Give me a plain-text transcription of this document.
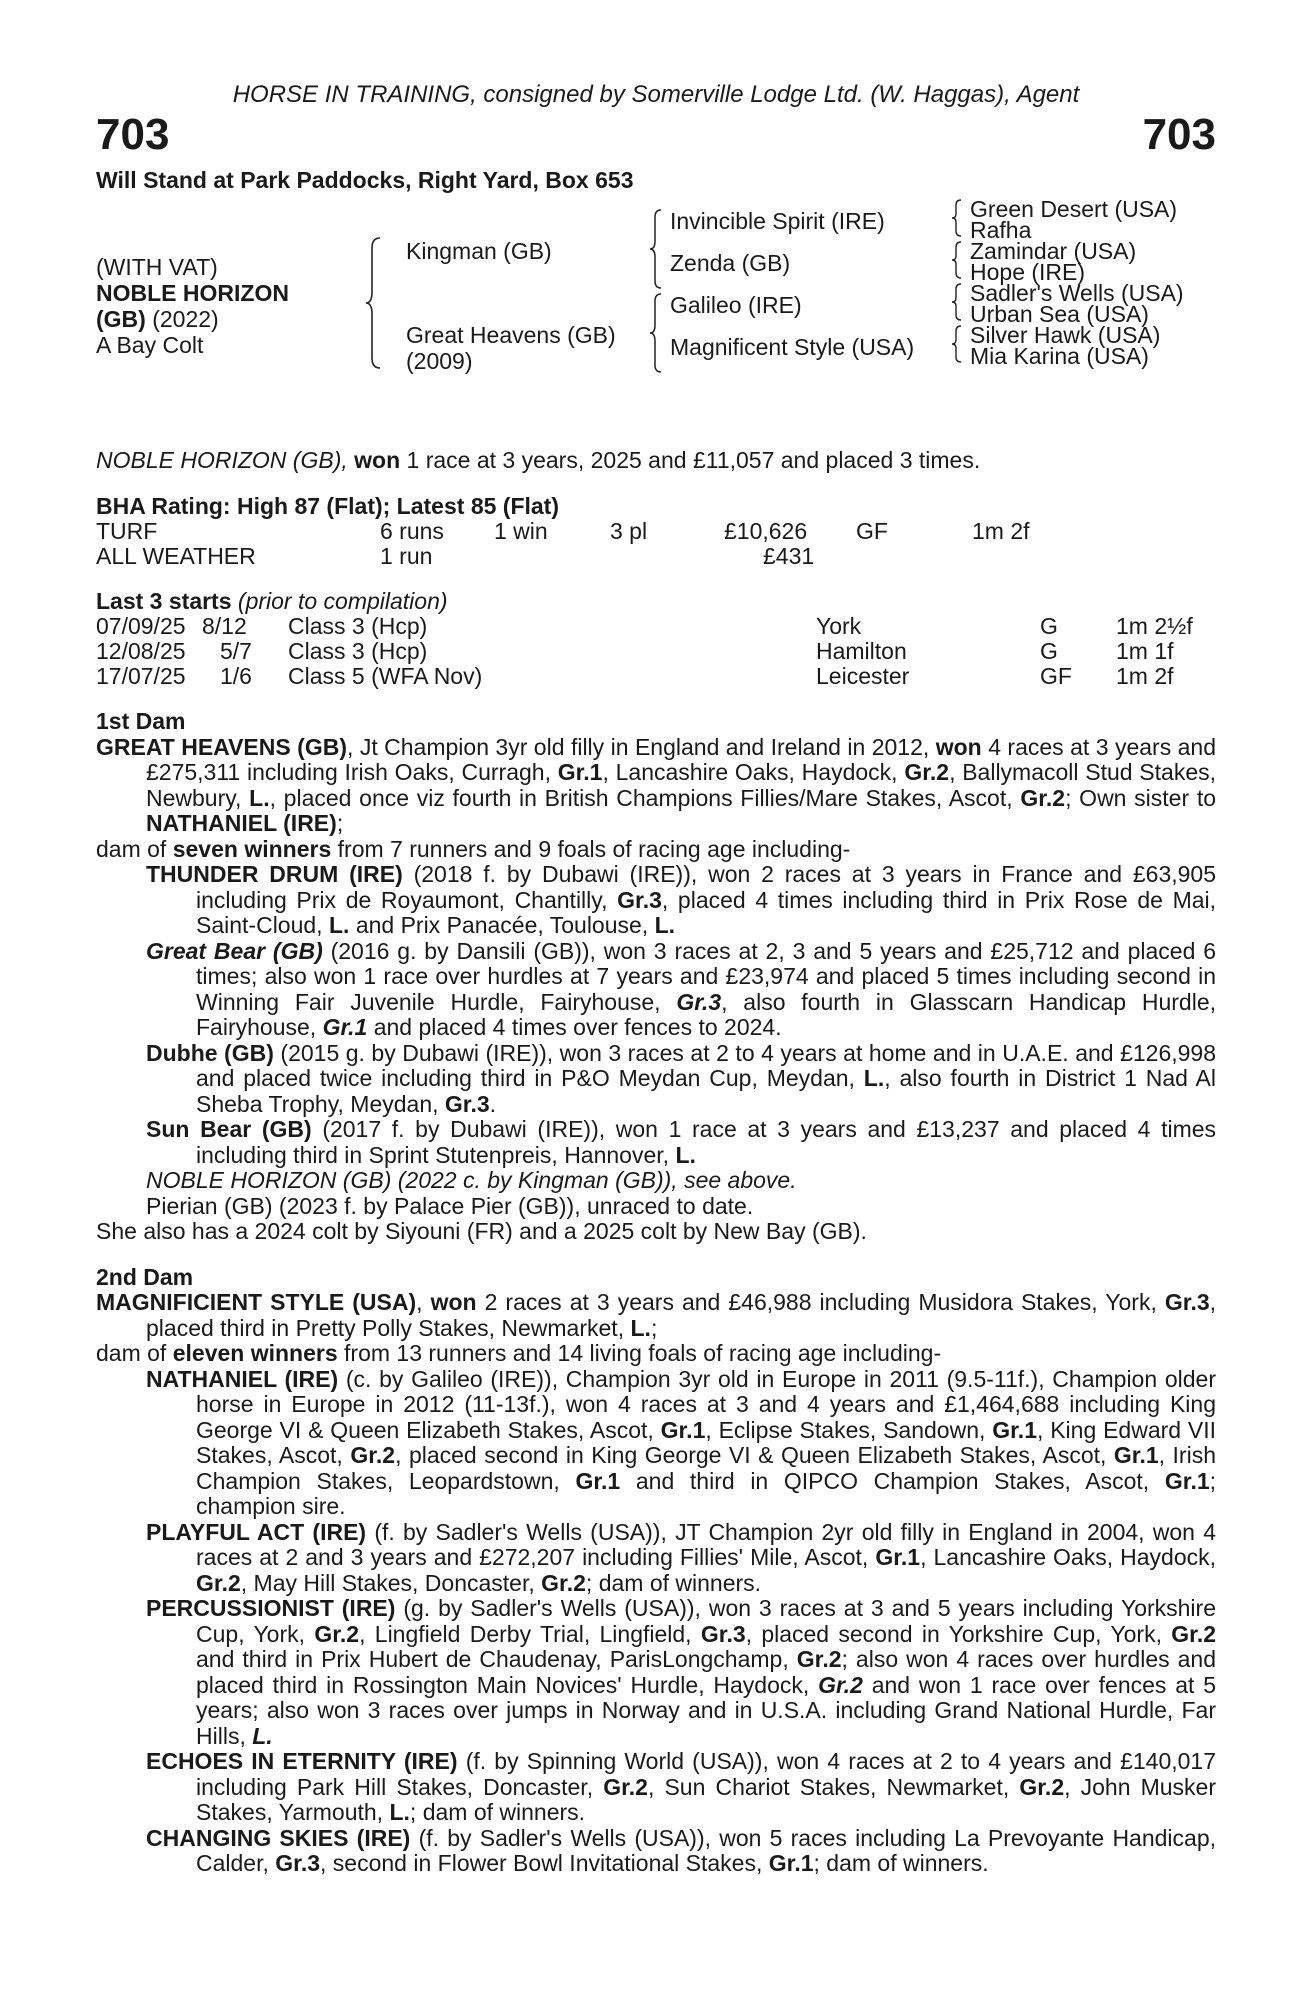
HORSE IN TRAINING, consigned by Somerville Lodge Ltd. (W. Haggas), Agent
703	703
Will Stand at Park Paddocks, Right Yard, Box 653
(WITH VAT)
NOBLE HORIZON
(GB) (2022)
A Bay Colt
Kingman (GB)
Great Heavens (GB)
(2009)
Invincible Spirit (IRE)
Zenda (GB)
Galileo (IRE)
Magnificent Style (USA)
Green Desert (USA)
Rafha
Zamindar (USA)
Hope (IRE)
Sadler's Wells (USA)
Urban Sea (USA)
Silver Hawk (USA)
Mia Karina (USA)
NOBLE HORIZON (GB), won 1 race at 3 years, 2025 and £11,057 and placed 3 times.
BHA Rating: High 87 (Flat); Latest 85 (Flat)
TURF	6 runs 1 win	3 pl	£10,626 GF	1m 2f
ALL WEATHER	1 run	£431
Last 3 starts (prior to compilation)
07/09/25 8/12 Class 3 (Hcp)	York	G	1m 2½f
12/08/25 5/7 Class 3 (Hcp)	Hamilton	G	1m 1f
17/07/25 1/6 Class 5 (WFA Nov)	Leicester	GF 1m 2f

1st Dam

GREAT HEAVENS (GB), Jt Champion 3yr old filly in England and Ireland in 2012, won 4 races at 3 years and £275,311 including Irish Oaks, Curragh, Gr.1, Lancashire Oaks, Haydock, Gr.2, Ballymacoll Stud Stakes, Newbury, L., placed once viz fourth in British Champions Fillies/Mare Stakes, Ascot, Gr.2; Own sister to NATHANIEL (IRE);

dam of seven winners from 7 runners and 9 foals of racing age including-

THUNDER DRUM (IRE) (2018 f. by Dubawi (IRE)), won 2 races at 3 years in France and £63,905 including Prix de Royaumont, Chantilly, Gr.3, placed 4 times including third in Prix Rose de Mai, Saint-Cloud, L. and Prix Panacée, Toulouse, L.

Great Bear (GB) (2016 g. by Dansili (GB)), won 3 races at 2, 3 and 5 years and £25,712 and placed 6 times; also won 1 race over hurdles at 7 years and £23,974 and placed 5 times including second in Winning Fair Juvenile Hurdle, Fairyhouse, Gr.3, also fourth in Glasscarn Handicap Hurdle, Fairyhouse, Gr.1 and placed 4 times over fences to 2024.

Dubhe (GB) (2015 g. by Dubawi (IRE)), won 3 races at 2 to 4 years at home and in U.A.E. and £126,998 and placed twice including third in P&O Meydan Cup, Meydan, L., also fourth in District 1 Nad Al Sheba Trophy, Meydan, Gr.3.

Sun Bear (GB) (2017 f. by Dubawi (IRE)), won 1 race at 3 years and £13,237 and placed 4 times including third in Sprint Stutenpreis, Hannover, L.

NOBLE HORIZON (GB) (2022 c. by Kingman (GB)), see above.

Pierian (GB) (2023 f. by Palace Pier (GB)), unraced to date.

She also has a 2024 colt by Siyouni (FR) and a 2025 colt by New Bay (GB).

2nd Dam

MAGNIFICIENT STYLE (USA), won 2 races at 3 years and £46,988 including Musidora Stakes, York, Gr.3, placed third in Pretty Polly Stakes, Newmarket, L.;

dam of eleven winners from 13 runners and 14 living foals of racing age including-

NATHANIEL (IRE) (c. by Galileo (IRE)), Champion 3yr old in Europe in 2011 (9.5-11f.), Champion older horse in Europe in 2012 (11-13f.), won 4 races at 3 and 4 years and £1,464,688 including King George VI & Queen Elizabeth Stakes, Ascot, Gr.1, Eclipse Stakes, Sandown, Gr.1, King Edward VII Stakes, Ascot, Gr.2, placed second in King George VI & Queen Elizabeth Stakes, Ascot, Gr.1, Irish Champion Stakes, Leopardstown, Gr.1 and third in QIPCO Champion Stakes, Ascot, Gr.1; champion sire.

PLAYFUL ACT (IRE) (f. by Sadler's Wells (USA)), JT Champion 2yr old filly in England in 2004, won 4 races at 2 and 3 years and £272,207 including Fillies' Mile, Ascot, Gr.1, Lancashire Oaks, Haydock, Gr.2, May Hill Stakes, Doncaster, Gr.2; dam of winners.

PERCUSSIONIST (IRE) (g. by Sadler's Wells (USA)), won 3 races at 3 and 5 years including Yorkshire Cup, York, Gr.2, Lingfield Derby Trial, Lingfield, Gr.3, placed second in Yorkshire Cup, York, Gr.2 and third in Prix Hubert de Chaudenay, ParisLongchamp, Gr.2; also won 4 races over hurdles and placed third in Rossington Main Novices' Hurdle, Haydock, Gr.2 and won 1 race over fences at 5 years; also won 3 races over jumps in Norway and in U.S.A. including Grand National Hurdle, Far Hills, L.

ECHOES IN ETERNITY (IRE) (f. by Spinning World (USA)), won 4 races at 2 to 4 years and £140,017 including Park Hill Stakes, Doncaster, Gr.2, Sun Chariot Stakes, Newmarket, Gr.2, John Musker Stakes, Yarmouth, L.; dam of winners.

CHANGING SKIES (IRE) (f. by Sadler's Wells (USA)), won 5 races including La Prevoyante Handicap, Calder, Gr.3, second in Flower Bowl Invitational Stakes, Gr.1; dam of winners.
